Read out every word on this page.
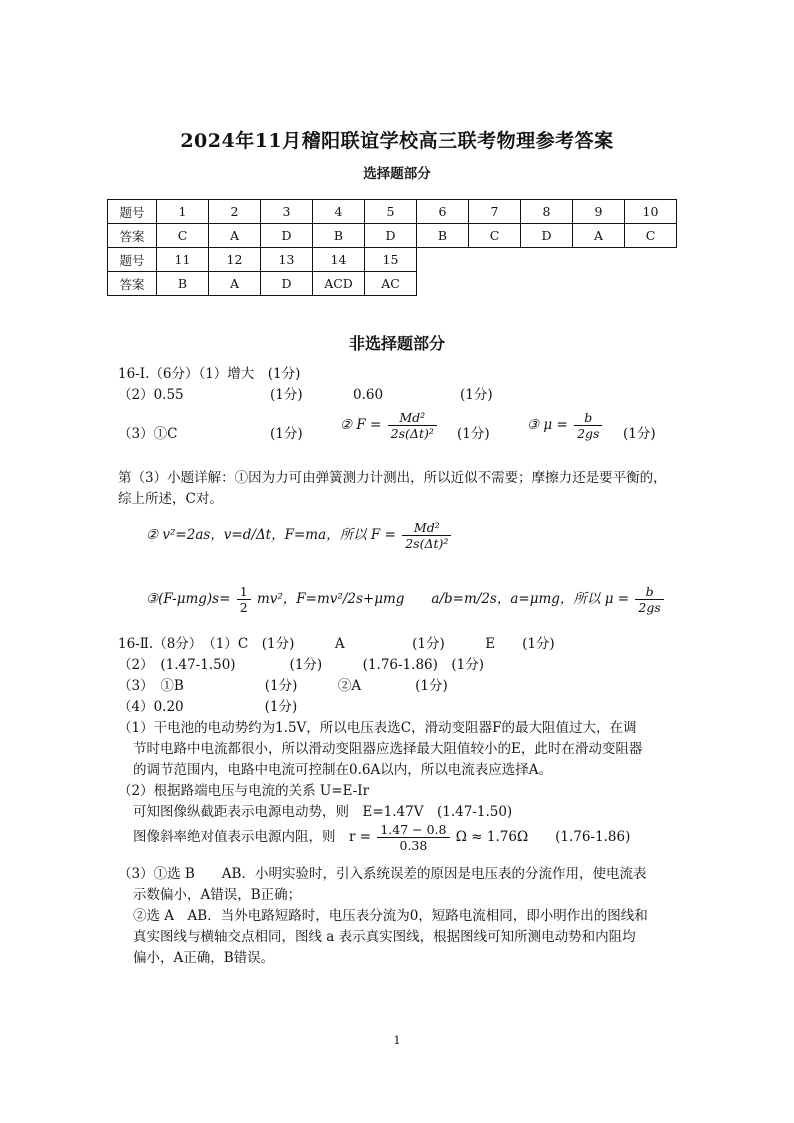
2024年11月稽阳联谊学校高三联考物理参考答案
选择题部分
题号	1	2	3	4	5	6	7	8	9	10
答案	C	A	D	B	D	B	C	D	A	C
题号	11	12	13	14	15					
答案	B	A	D	ACD	AC					
非选择题部分
16-Ⅰ.（6分）（1）增大　(1分)
（2）0.55	(1分)	0.60	(1分)
（3）①C	(1分)
② $F = \frac{\text{Md²}}{\text{2s(Δt)²}} (1$分)
③ $\mu = \frac{b}{2gs} (1$分)
第（3）小题详解：①因为力可由弹簧测力计测出，所以近似不需要；摩擦力还是要平衡的，
综上所述，C对。
② v²=2as，v=d/Δt，F=ma，所以 $F = \frac{\text{Md²}}{\text{2s(Δt)²}}$
③(F-μmg)s= $\frac{1}{2} mv^2$，F=mv²/2s+μmg　　a/b=m/2s，a=μmg，所以 $\mu = \frac{b}{2gs}$
16-Ⅱ.（8分）　（1）C　(1分)　　　A　　　　　(1分)　　　E　　(1分)
（2）　(1.47-1.50)　　　　(1分)　　　(1.76-1.86)　(1分)
（3）　①B　　　　　　(1分)　　　②A　　　　(1分)
（4）0.20　　　　　　(1分)
（1）干电池的电动势约为1.5V，所以电压表选C，滑动变阻器F的最大阻值过大，在调
节时电路中电流都很小，所以滑动变阻器应选择最大阻值较小的E，此时在滑动变阻器
的调节范围内，电路中电流可控制在0.6A以内，所以电流表应选择A。
（2）根据路端电压与电流的关系 U=E-Ir
可知图像纵截距表示电源电动势，则　E=1.47V　(1.47-1.50)
图像斜率绝对值表示电源内阻，则　$r = \frac{1.47 - 0.8}{0.38}$ Ω ≈ 1.76Ω　　(1.76-1.86)
（3）①选 B　　AB．小明实验时，引入系统误差的原因是电压表的分流作用，使电流表
示数偏小，A错误，B正确；
②选 A　AB．当外电路短路时，电压表分流为0，短路电流相同，即小明作出的图线和
真实图线与横轴交点相同，图线 a 表示真实图线，根据图线可知所测电动势和内阻均
偏小，A正确，B错误。
1
